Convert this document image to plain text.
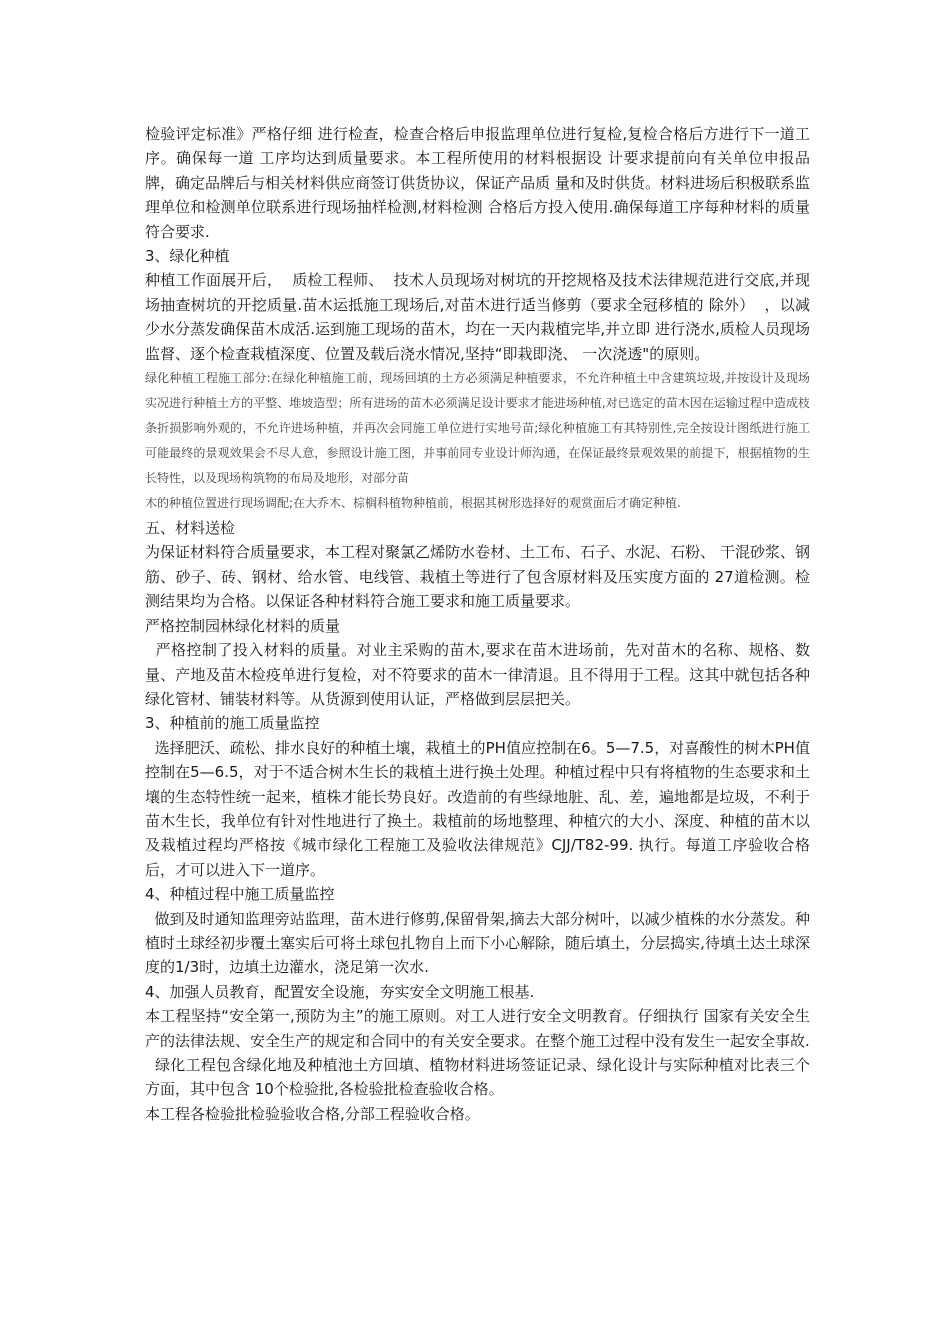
检验评定标准》严格仔细 进行检查，检查合格后申报监理单位进行复检,复检合格后方进行下一道工序。确保每一道 工序均达到质量要求。本工程所使用的材料根据设 计要求提前向有关单位申报品牌，确定品牌后与相关材料供应商签订供货协议，保证产品质 量和及时供货。材料进场后积极联系监理单位和检测单位联系进行现场抽样检测,材料检测 合格后方投入使用.确保每道工序每种材料的质量符合要求.

3、绿化种植

种植工作面展开后，  质检工程师、  技术人员现场对树坑的开挖规格及技术法律规范进行交底,并现场抽查树坑的开挖质量.苗木运抵施工现场后,对苗木进行适当修剪（要求全冠移植的 除外）  ，以减少水分蒸发确保苗木成活.运到施工现场的苗木，均在一天内栽植完毕,并立即 进行浇水,质检人员现场监督、逐个检查栽植深度、位置及载后浇水情况,坚持“即栽即浇、 一次浇透"的原则。

绿化种植工程施工部分:在绿化种植施工前，现场回填的土方必须满足种植要求，不允许种植土中含建筑垃圾,并按设计及现场实况进行种植土方的平整、堆坡造型；所有进场的苗木必须满足设计要求才能进场种植,对已选定的苗木因在运输过程中造成枝条折损影响外观的，不允许进场种植，并再次会同施工单位进行实地号苗;绿化种植施工有其特别性,完全按设计图纸进行施工可能最终的景观效果会不尽人意，参照设计施工图，并事前同专业设计师沟通，在保证最终景观效果的前提下，根据植物的生长特性，以及现场构筑物的布局及地形，对部分苗

木的种植位置进行现场调配;在大乔木、棕榈科植物种植前，根据其树形选择好的观赏面后才确定种植.

五、材料送检

为保证材料符合质量要求，本工程对聚氯乙烯防水卷材、土工布、石子、水泥、石粉、 干混砂浆、钢筋、砂子、砖、钢材、给水管、电线管、栽植土等进行了包含原材料及压实度方面的 27道检测。检测结果均为合格。以保证各种材料符合施工要求和施工质量要求。

严格控制园林绿化材料的质量

严格控制了投入材料的质量。对业主采购的苗木,要求在苗木进场前，先对苗木的名称、规格、数量、产地及苗木检疫单进行复检，对不符要求的苗木一律清退。且不得用于工程。这其中就包括各种绿化管材、铺装材料等。从货源到使用认证，严格做到层层把关。

3、种植前的施工质量监控

选择肥沃、疏松、排水良好的种植土壤，栽植土的PH值应控制在6。5—7.5，对喜酸性的树木PH值控制在5—6.5，对于不适合树木生长的栽植土进行换土处理。种植过程中只有将植物的生态要求和土壤的生态特性统一起来，植株才能长势良好。改造前的有些绿地脏、乱、差，遍地都是垃圾，不利于苗木生长，我单位有针对性地进行了换土。栽植前的场地整理、种植穴的大小、深度、种植的苗木以及栽植过程均严格按《城市绿化工程施工及验收法律规范》CJJ/T82-99. 执行。每道工序验收合格后，才可以进入下一道序。

4、种植过程中施工质量监控

做到及时通知监理旁站监理，苗木进行修剪,保留骨架,摘去大部分树叶，以减少植株的水分蒸发。种植时土球经初步覆土塞实后可将土球包扎物自上而下小心解除，随后填土，分层捣实,待填土达土球深度的1/3时，边填土边灌水，浇足第一次水.

4、加强人员教育，配置安全设施，夯实安全文明施工根基.

本工程坚持“安全第一,预防为主”的施工原则。对工人进行安全文明教育。仔细执行 国家有关安全生产的法律法规、安全生产的规定和合同中的有关安全要求。在整个施工过程中没有发生一起安全事故.

绿化工程包含绿化地及种植池土方回填、植物材料进场签证记录、绿化设计与实际种植对比表三个方面，其中包含 10个检验批,各检验批检查验收合格。

本工程各检验批检验验收合格,分部工程验收合格。
